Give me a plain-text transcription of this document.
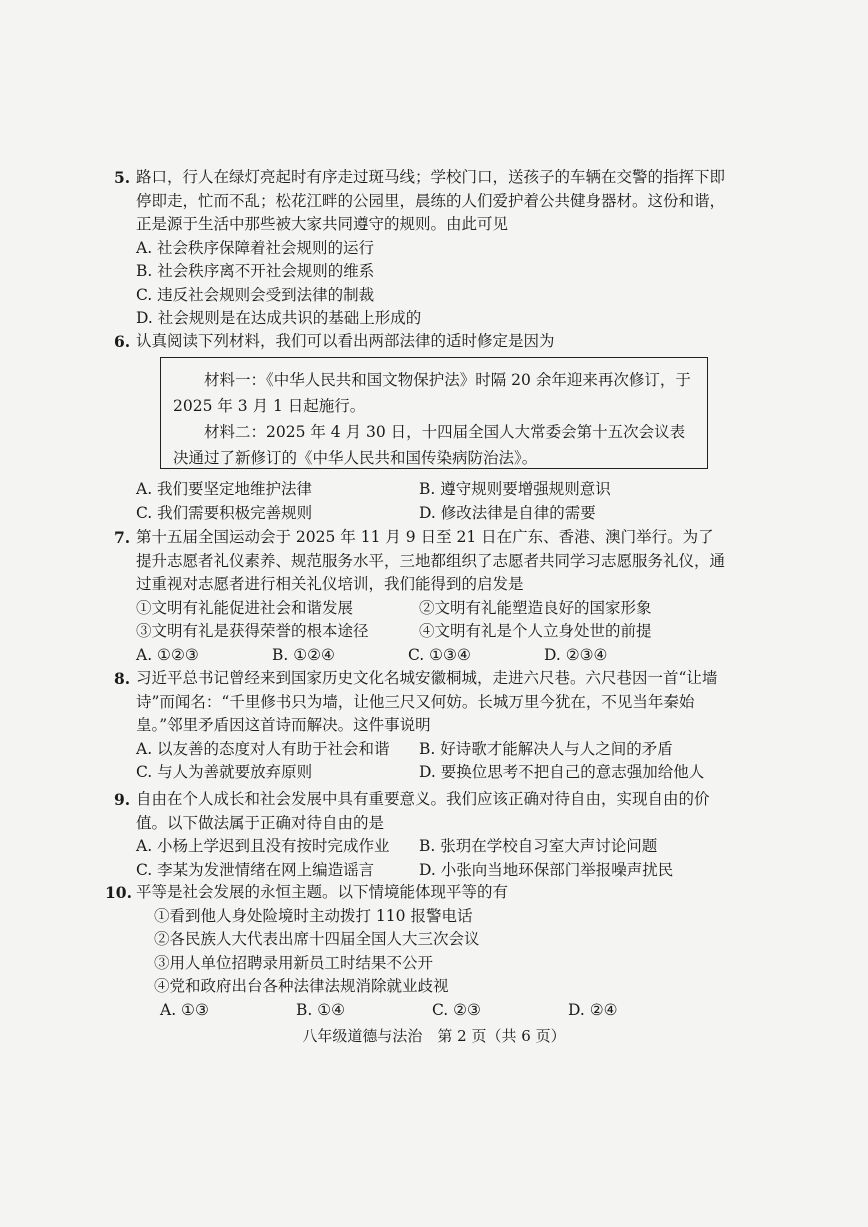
5. 路口，行人在绿灯亮起时有序走过斑马线；学校门口，送孩子的车辆在交警的指挥下即停即走，忙而不乱；松花江畔的公园里，晨练的人们爱护着公共健身器材。这份和谐，正是源于生活中那些被大家共同遵守的规则。由此可见

A. 社会秩序保障着社会规则的运行

B. 社会秩序离不开社会规则的维系

C. 违反社会规则会受到法律的制裁

D. 社会规则是在达成共识的基础上形成的

6. 认真阅读下列材料，我们可以看出两部法律的适时修定是因为

材料一：《中华人民共和国文物保护法》时隔 20 余年迎来再次修订，于 2025 年 3 月 1 日起施行。

材料二：2025 年 4 月 30 日，十四届全国人大常委会第十五次会议表决通过了新修订的《中华人民共和国传染病防治法》。

A. 我们要坚定地维护法律	B. 遵守规则要增强规则意识
C. 我们需要积极完善规则	D. 修改法律是自律的需要
7. 第十五届全国运动会于 2025 年 11 月 9 日至 21 日在广东、香港、澳门举行。为了提升志愿者礼仪素养、规范服务水平，三地都组织了志愿者共同学习志愿服务礼仪，通过重视对志愿者进行相关礼仪培训，我们能得到的启发是

①文明有礼能促进社会和谐发展	②文明有礼能塑造良好的国家形象
③文明有礼是获得荣誉的根本途径	④文明有礼是个人立身处世的前提
A. ①②③	B. ①②④	C. ①③④	D. ②③④
8. 习近平总书记曾经来到国家历史文化名城安徽桐城，走进六尺巷。六尺巷因一首“让墙诗”而闻名：“千里修书只为墙，让他三尺又何妨。长城万里今犹在，不见当年秦始皇。”邻里矛盾因这首诗而解决。这件事说明

A. 以友善的态度对人有助于社会和谐	B. 好诗歌才能解决人与人之间的矛盾
C. 与人为善就要放弃原则	D. 要换位思考不把自己的意志强加给他人
9. 自由在个人成长和社会发展中具有重要意义。我们应该正确对待自由，实现自由的价值。以下做法属于正确对待自由的是

A. 小杨上学迟到且没有按时完成作业	B. 张玥在学校自习室大声讨论问题
C. 李某为发泄情绪在网上编造谣言	D. 小张向当地环保部门举报噪声扰民
10. 平等是社会发展的永恒主题。以下情境能体现平等的有

①看到他人身处险境时主动拨打 110 报警电话

②各民族人大代表出席十四届全国人大三次会议

③用人单位招聘录用新员工时结果不公开

④党和政府出台各种法律法规消除就业歧视

A. ①③	B. ①④	C. ②③	D. ②④
八年级道德与法治　第 2 页（共 6 页）
